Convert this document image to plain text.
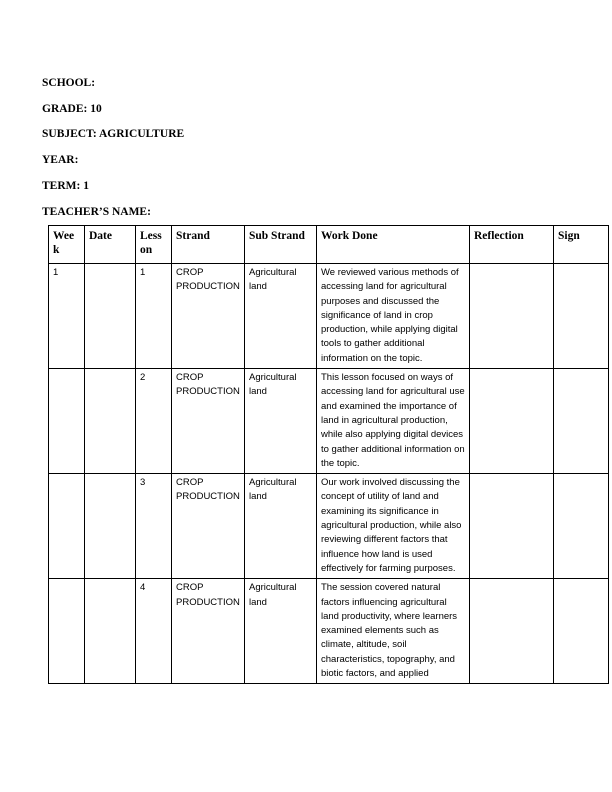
SCHOOL:
GRADE: 10
SUBJECT: AGRICULTURE
YEAR:
TERM: 1
TEACHER’S NAME:
Week	Date	Lesson	Strand	Sub Strand	Work Done	Reflection	Sign
1		1	CROP PRODUCTION	Agricultural land	We reviewed various methods of accessing land for agricultural purposes and discussed the significance of land in crop production, while applying digital tools to gather additional information on the topic.		
		2	CROP PRODUCTION	Agricultural land	This lesson focused on ways of accessing land for agricultural use and examined the importance of land in agricultural production, while also applying digital devices to gather additional information on the topic.		
		3	CROP PRODUCTION	Agricultural land	Our work involved discussing the concept of utility of land and examining its significance in agricultural production, while also reviewing different factors that influence how land is used effectively for farming purposes.		
		4	CROP PRODUCTION	Agricultural land	The session covered natural factors influencing agricultural land productivity, where learners examined elements such as climate, altitude, soil characteristics, topography, and biotic factors, and applied		
